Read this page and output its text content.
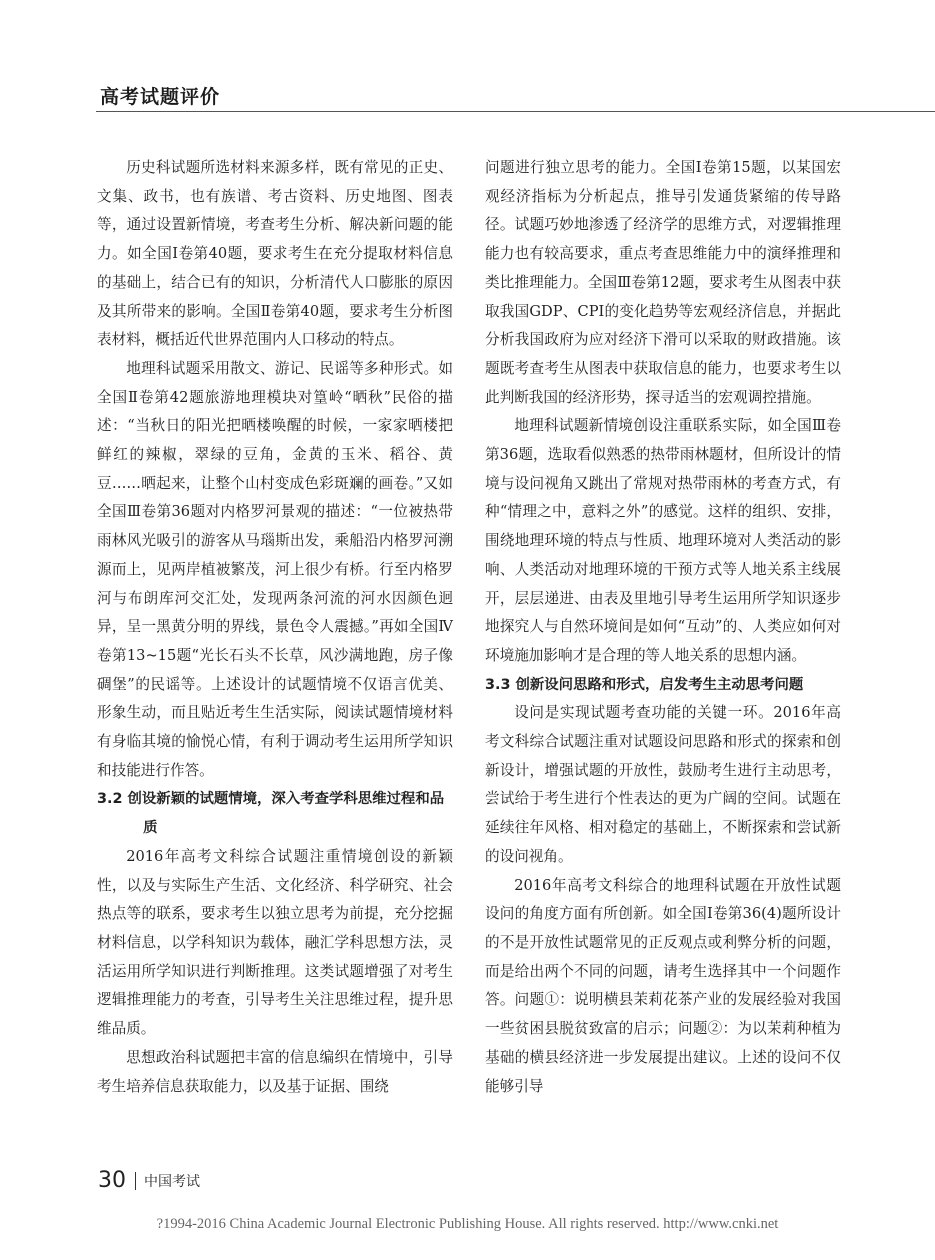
高考试题评价

历史科试题所选材料来源多样，既有常见的正史、文集、政书，也有族谱、考古资料、历史地图、图表等，通过设置新情境，考查考生分析、解决新问题的能力。如全国Ⅰ卷第40题，要求考生在充分提取材料信息的基础上，结合已有的知识，分析清代人口膨胀的原因及其所带来的影响。全国Ⅱ卷第40题，要求考生分析图表材料，概括近代世界范围内人口移动的特点。

地理科试题采用散文、游记、民谣等多种形式。如全国Ⅱ卷第42题旅游地理模块对篁岭“晒秋”民俗的描述：“当秋日的阳光把晒楼唤醒的时候，一家家晒楼把鲜红的辣椒，翠绿的豆角，金黄的玉米、稻谷、黄豆……晒起来，让整个山村变成色彩斑斓的画卷。”又如全国Ⅲ卷第36题对内格罗河景观的描述：“一位被热带雨林风光吸引的游客从马瑙斯出发，乘船沿内格罗河溯源而上，见两岸植被繁茂，河上很少有桥。行至内格罗河与布朗库河交汇处，发现两条河流的河水因颜色迥异，呈一黑黄分明的界线，景色令人震撼。”再如全国Ⅳ卷第13~15题“光长石头不长草，风沙满地跑，房子像碉堡”的民谣等。上述设计的试题情境不仅语言优美、形象生动，而且贴近考生生活实际，阅读试题情境材料有身临其境的愉悦心情，有利于调动考生运用所学知识和技能进行作答。

3.2 创设新颖的试题情境，深入考查学科思维过程和品质

2016年高考文科综合试题注重情境创设的新颖性，以及与实际生产生活、文化经济、科学研究、社会热点等的联系，要求考生以独立思考为前提，充分挖掘材料信息，以学科知识为载体，融汇学科思想方法，灵活运用所学知识进行判断推理。这类试题增强了对考生逻辑推理能力的考查，引导考生关注思维过程，提升思维品质。

思想政治科试题把丰富的信息编织在情境中，引导考生培养信息获取能力，以及基于证据、围绕

问题进行独立思考的能力。全国Ⅰ卷第15题，以某国宏观经济指标为分析起点，推导引发通货紧缩的传导路径。试题巧妙地渗透了经济学的思维方式，对逻辑推理能力也有较高要求，重点考查思维能力中的演绎推理和类比推理能力。全国Ⅲ卷第12题，要求考生从图表中获取我国GDP、CPI的变化趋势等宏观经济信息，并据此分析我国政府为应对经济下滑可以采取的财政措施。该题既考查考生从图表中获取信息的能力，也要求考生以此判断我国的经济形势，探寻适当的宏观调控措施。

地理科试题新情境创设注重联系实际，如全国Ⅲ卷第36题，选取看似熟悉的热带雨林题材，但所设计的情境与设问视角又跳出了常规对热带雨林的考查方式，有种“情理之中，意料之外”的感觉。这样的组织、安排，围绕地理环境的特点与性质、地理环境对人类活动的影响、人类活动对地理环境的干预方式等人地关系主线展开，层层递进、由表及里地引导考生运用所学知识逐步地探究人与自然环境间是如何“互动”的、人类应如何对环境施加影响才是合理的等人地关系的思想内涵。

3.3 创新设问思路和形式，启发考生主动思考问题

设问是实现试题考查功能的关键一环。2016年高考文科综合试题注重对试题设问思路和形式的探索和创新设计，增强试题的开放性，鼓励考生进行主动思考，尝试给于考生进行个性表达的更为广阔的空间。试题在延续往年风格、相对稳定的基础上，不断探索和尝试新的设问视角。

2016年高考文科综合的地理科试题在开放性试题设问的角度方面有所创新。如全国Ⅰ卷第36(4)题所设计的不是开放性试题常见的正反观点或利弊分析的问题，而是给出两个不同的问题，请考生选择其中一个问题作答。问题①：说明横县茉莉花茶产业的发展经验对我国一些贫困县脱贫致富的启示；问题②：为以茉莉种植为基础的横县经济进一步发展提出建议。上述的设问不仅能够引导

30 中国考试
?1994-2016 China Academic Journal Electronic Publishing House. All rights reserved. http://www.cnki.net
